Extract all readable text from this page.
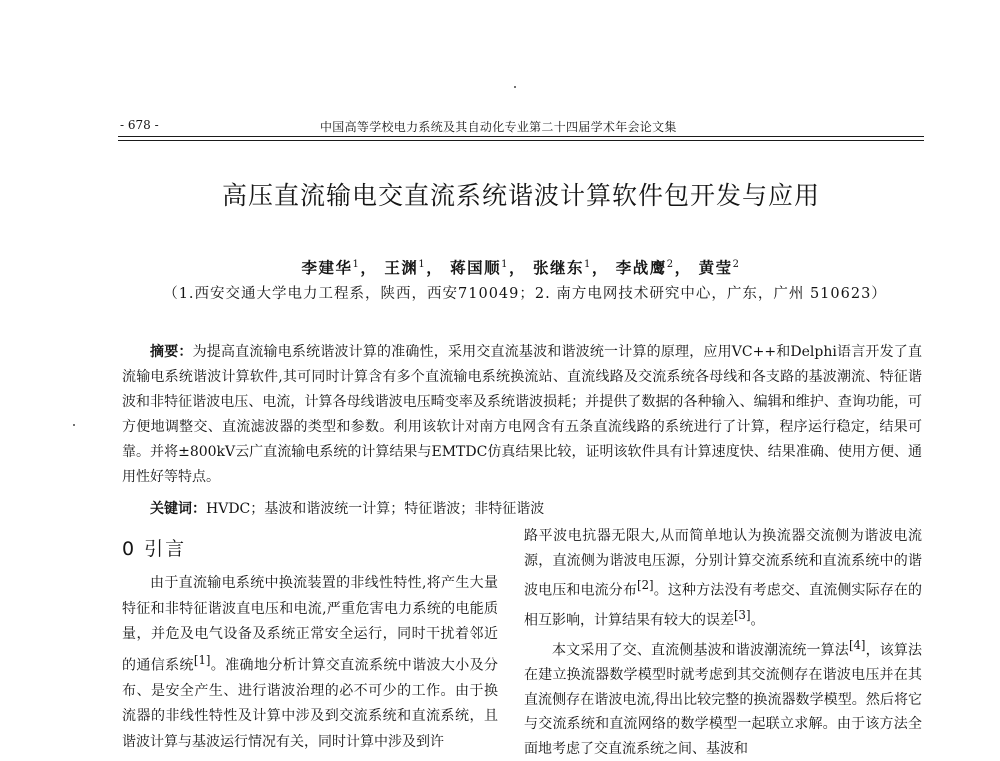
- 678 -	中国高等学校电力系统及其自动化专业第二十四届学术年会论文集
高压直流输电交直流系统谐波计算软件包开发与应用
李建华$^1$， 王渊$^1$， 蒋国顺$^1$， 张继东$^1$， 李战鹰$^2$， 黄莹$^2$
（1.西安交通大学电力工程系，陕西，西安710049；2. 南方电网技术研究中心，广东，广州 510623）
摘要：为提高直流输电系统谐波计算的准确性，采用交直流基波和谐波统一计算的原理，应用VC++和Delphi语言开发了直流输电系统谐波计算软件,其可同时计算含有多个直流输电系统换流站、直流线路及交流系统各母线和各支路的基波潮流、特征谐波和非特征谐波电压、电流，计算各母线谐波电压畸变率及系统谐波损耗；并提供了数据的各种输入、编辑和维护、查询功能，可方便地调整交、直流滤波器的类型和参数。利用该软计对南方电网含有五条直流线路的系统进行了计算，程序运行稳定，结果可靠。并将±800kV云广直流输电系统的计算结果与EMTDC仿真结果比较，证明该软件具有计算速度快、结果准确、使用方便、通用性好等特点。
关键词：HVDC；基波和谐波统一计算；特征谐波；非特征谐波
0 引言

由于直流输电系统中换流装置的非线性特性,将产生大量特征和非特征谐波直电压和电流,严重危害电力系统的电能质量，并危及电气设备及系统正常安全运行，同时干扰着邻近的通信系统[1]。准确地分析计算交直流系统中谐波大小及分布、是安全产生、进行谐波治理的必不可少的工作。由于换流器的非线性特性及计算中涉及到交流系统和直流系统，且谐波计算与基波运行情况有关，同时计算中涉及到许

路平波电抗器无限大,从而简单地认为换流器交流侧为谐波电流源，直流侧为谐波电压源，分别计算交流系统和直流系统中的谐波电压和电流分布[2]。这种方法没有考虑交、直流侧实际存在的相互影响，计算结果有较大的误差[3]。

本文采用了交、直流侧基波和谐波潮流统一算法[4]，该算法在建立换流器数学模型时就考虑到其交流侧存在谐波电压并在其直流侧存在谐波电流,得出比较完整的换流器数学模型。然后将它与交流系统和直流网络的数学模型一起联立求解。由于该方法全面地考虑了交直流系统之间、基波和
